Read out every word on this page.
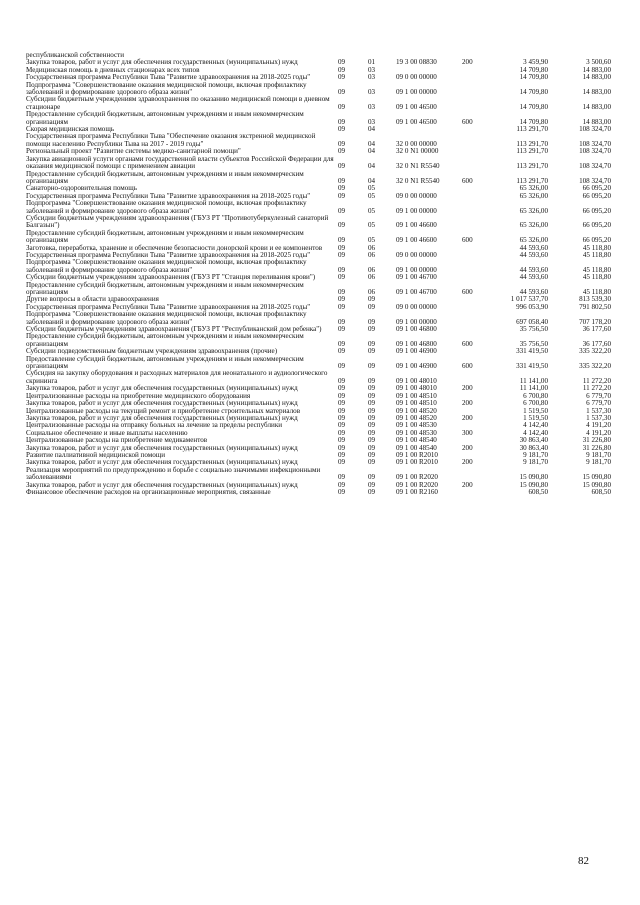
республиканской собственности						
Закупка товаров, работ и услуг для обеспечения государственных (муниципальных) нужд	09	01	19 3 00 08830	200	3 459,90	3 500,60
Медицинская помощь в дневных стационарах всех типов	09	03			14 709,80	14 883,00
Государственная программа Республики Тыва "Развитие здравоохранения на 2018-2025 годы"	09	03	09 0 00 00000		14 709,80	14 883,00
Подпрограмма "Совершенствование оказания медицинской помощи, включая профилактику заболеваний и формирование здорового образа жизни"	09	03	09 1 00 00000		14 709,80	14 883,00
Субсидии бюджетным учреждениям здравоохранения по оказанию медицинской помощи в дневном стационаре	09	03	09 1 00 46500		14 709,80	14 883,00
Предоставление субсидий бюджетным, автономным учреждениям и иным некоммерческим организациям	09	03	09 1 00 46500	600	14 709,80	14 883,00
Скорая медицинская помощь	09	04			113 291,70	108 324,70
Государственная программа Республики Тыва "Обеспечение оказания экстренной медицинской помощи населению Республики Тыва на 2017 - 2019 годы"	09	04	32 0 00 00000		113 291,70	108 324,70
Региональный проект "Развитие системы медико-санитарной помощи"	09	04	32 0 N1 00000		113 291,70	108 324,70
Закупка авиационной услуги органами государственной власти субъектов Российской Федерации для оказания медицинской помощи с применением авиации	09	04	32 0 N1 R5540		113 291,70	108 324,70
Предоставление субсидий бюджетным, автономным учреждениям и иным некоммерческим организациям	09	04	32 0 N1 R5540	600	113 291,70	108 324,70
Санаторно-оздоровительная помощь	09	05			65 326,00	66 095,20
Государственная программа Республики Тыва "Развитие здравоохранения на 2018-2025 годы"	09	05	09 0 00 00000		65 326,00	66 095,20
Подпрограмма "Совершенствование оказания медицинской помощи, включая профилактику заболеваний и формирование здорового образа жизни"	09	05	09 1 00 00000		65 326,00	66 095,20
Субсидии бюджетным учреждениям здравоохранения (ГБУЗ РТ "Противотуберкулезный санаторий Балгазын")	09	05	09 1 00 46600		65 326,00	66 095,20
Предоставление субсидий бюджетным, автономным учреждениям и иным некоммерческим организациям	09	05	09 1 00 46600	600	65 326,00	66 095,20
Заготовка, переработка, хранение и обеспечение безопасности донорской крови и ее компонентов	09	06			44 593,60	45 118,80
Государственная программа Республики Тыва "Развитие здравоохранения на 2018-2025 годы"	09	06	09 0 00 00000		44 593,60	45 118,80
Подпрограмма "Совершенствование оказания медицинской помощи, включая профилактику заболеваний и формирование здорового образа жизни"	09	06	09 1 00 00000		44 593,60	45 118,80
Субсидии бюджетным учреждениям здравоохранения (ГБУЗ РТ "Станция переливания крови")	09	06	09 1 00 46700		44 593,60	45 118,80
Предоставление субсидий бюджетным, автономным учреждениям и иным некоммерческим организациям	09	06	09 1 00 46700	600	44 593,60	45 118,80
Другие вопросы в области здравоохранения	09	09			1 017 537,70	813 539,30
Государственная программа Республики Тыва "Развитие здравоохранения на 2018-2025 годы"	09	09	09 0 00 00000		996 053,90	791 802,50
Подпрограмма "Совершенствование оказания медицинской помощи, включая профилактику заболеваний и формирование здорового образа жизни"	09	09	09 1 00 00000		697 058,40	707 178,20
Субсидии бюджетным учреждениям здравоохранения (ГБУЗ РТ "Республиканский дом ребенка")	09	09	09 1 00 46800		35 756,50	36 177,60
Предоставление субсидий бюджетным, автономным учреждениям и иным некоммерческим организациям	09	09	09 1 00 46800	600	35 756,50	36 177,60
Субсидии подведомственным бюджетным учреждениям здравоохранения (прочие)	09	09	09 1 00 46900		331 419,50	335 322,20
Предоставление субсидий бюджетным, автономным учреждениям и иным некоммерческим организациям	09	09	09 1 00 46900	600	331 419,50	335 322,20
Субсидия на закупку оборудования и расходных материалов для неонатального и аудиологического скрининга	09	09	09 1 00 48010		11 141,00	11 272,20
Закупка товаров, работ и услуг для обеспечения государственных (муниципальных) нужд	09	09	09 1 00 48010	200	11 141,00	11 272,20
Централизованные расходы на приобретение медицинского оборудования	09	09	09 1 00 48510		6 700,80	6 779,70
Закупка товаров, работ и услуг для обеспечения государственных (муниципальных) нужд	09	09	09 1 00 48510	200	6 700,80	6 779,70
Централизованные расходы на текущий ремонт и приобретение строительных материалов	09	09	09 1 00 48520		1 519,50	1 537,30
Закупка товаров, работ и услуг для обеспечения государственных (муниципальных) нужд	09	09	09 1 00 48520	200	1 519,50	1 537,30
Централизованные расходы на отправку больных на лечение за пределы республики	09	09	09 1 00 48530		4 142,40	4 191,20
Социальное обеспечение и иные выплаты населению	09	09	09 1 00 48530	300	4 142,40	4 191,20
Централизованные расходы на приобретение медикаментов	09	09	09 1 00 48540		30 863,40	31 226,80
Закупка товаров, работ и услуг для обеспечения государственных (муниципальных) нужд	09	09	09 1 00 48540	200	30 863,40	31 226,80
Развитие паллиативной медицинской помощи	09	09	09 1 00 R2010		9 181,70	9 181,70
Закупка товаров, работ и услуг для обеспечения государственных (муниципальных) нужд	09	09	09 1 00 R2010	200	9 181,70	9 181,70
Реализация мероприятий по предупреждению и борьбе с социально значимыми инфекционными заболеваниями	09	09	09 1 00 R2020		15 090,80	15 090,80
Закупка товаров, работ и услуг для обеспечения государственных (муниципальных) нужд	09	09	09 1 00 R2020	200	15 090,80	15 090,80
Финансовое обеспечение расходов на организационные мероприятия, связанные	09	09	09 1 00 R2160		608,50	608,50
82
